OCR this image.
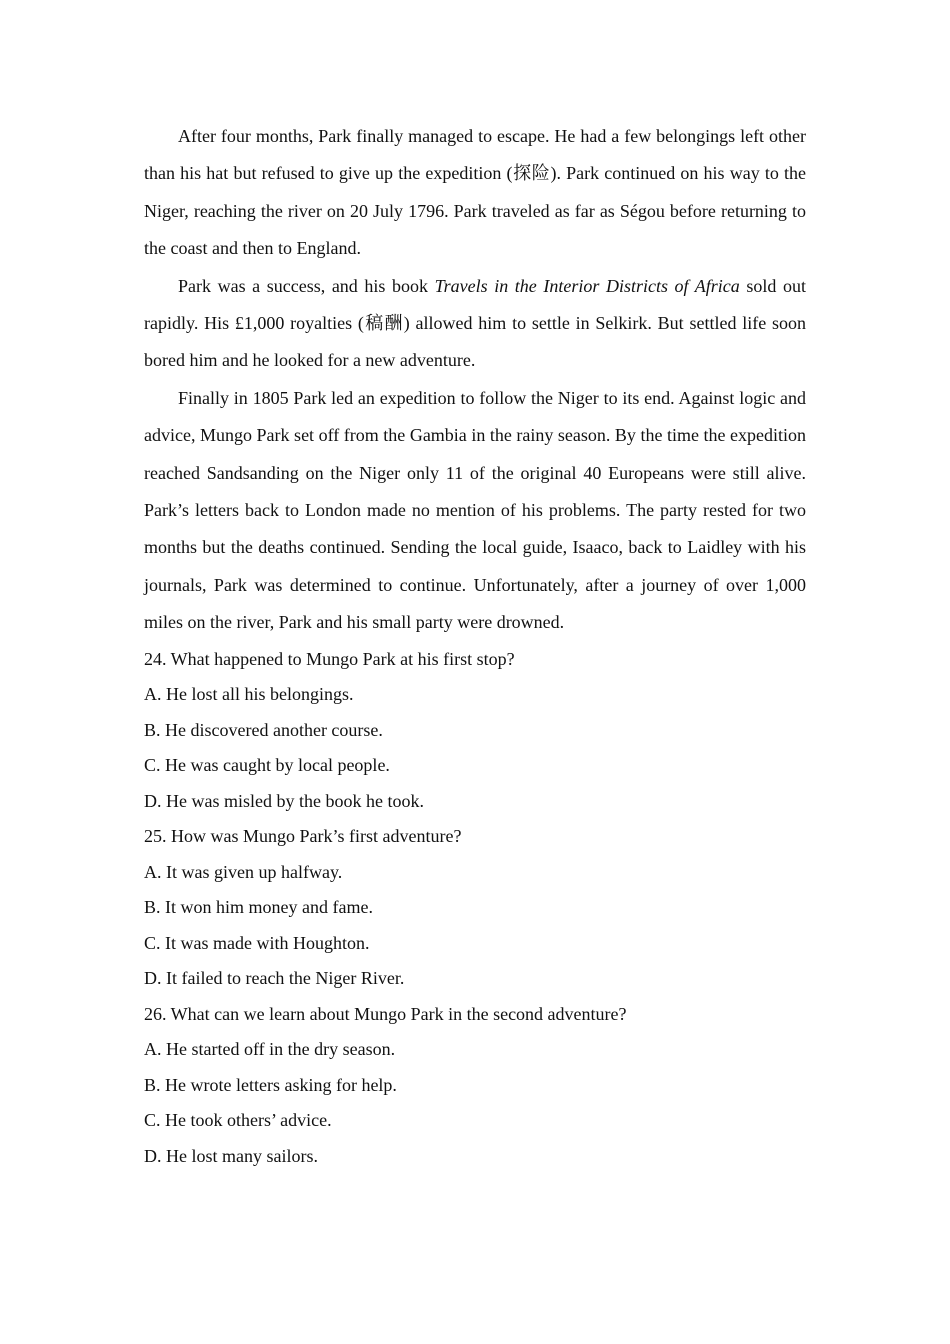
After four months, Park finally managed to escape. He had a few belongings left other than his hat but refused to give up the expedition (探险). Park continued on his way to the Niger, reaching the river on 20 July 1796. Park traveled as far as Ségou before returning to the coast and then to England.

Park was a success, and his book Travels in the Interior Districts of Africa sold out rapidly. His £1,000 royalties (稿酬) allowed him to settle in Selkirk. But settled life soon bored him and he looked for a new adventure.

Finally in 1805 Park led an expedition to follow the Niger to its end. Against logic and advice, Mungo Park set off from the Gambia in the rainy season. By the time the expedition reached Sandsanding on the Niger only 11 of the original 40 Europeans were still alive. Park’s letters back to London made no mention of his problems. The party rested for two months but the deaths continued. Sending the local guide, Isaaco, back to Laidley with his journals, Park was determined to continue. Unfortunately, after a journey of over 1,000 miles on the river, Park and his small party were drowned.

24. What happened to Mungo Park at his first stop?

A. He lost all his belongings.

B. He discovered another course.

C. He was caught by local people.

D. He was misled by the book he took.

25. How was Mungo Park’s first adventure?

A. It was given up halfway.

B. It won him money and fame.

C. It was made with Houghton.

D. It failed to reach the Niger River.

26. What can we learn about Mungo Park in the second adventure?

A. He started off in the dry season.

B. He wrote letters asking for help.

C. He took others’ advice.

D. He lost many sailors.
